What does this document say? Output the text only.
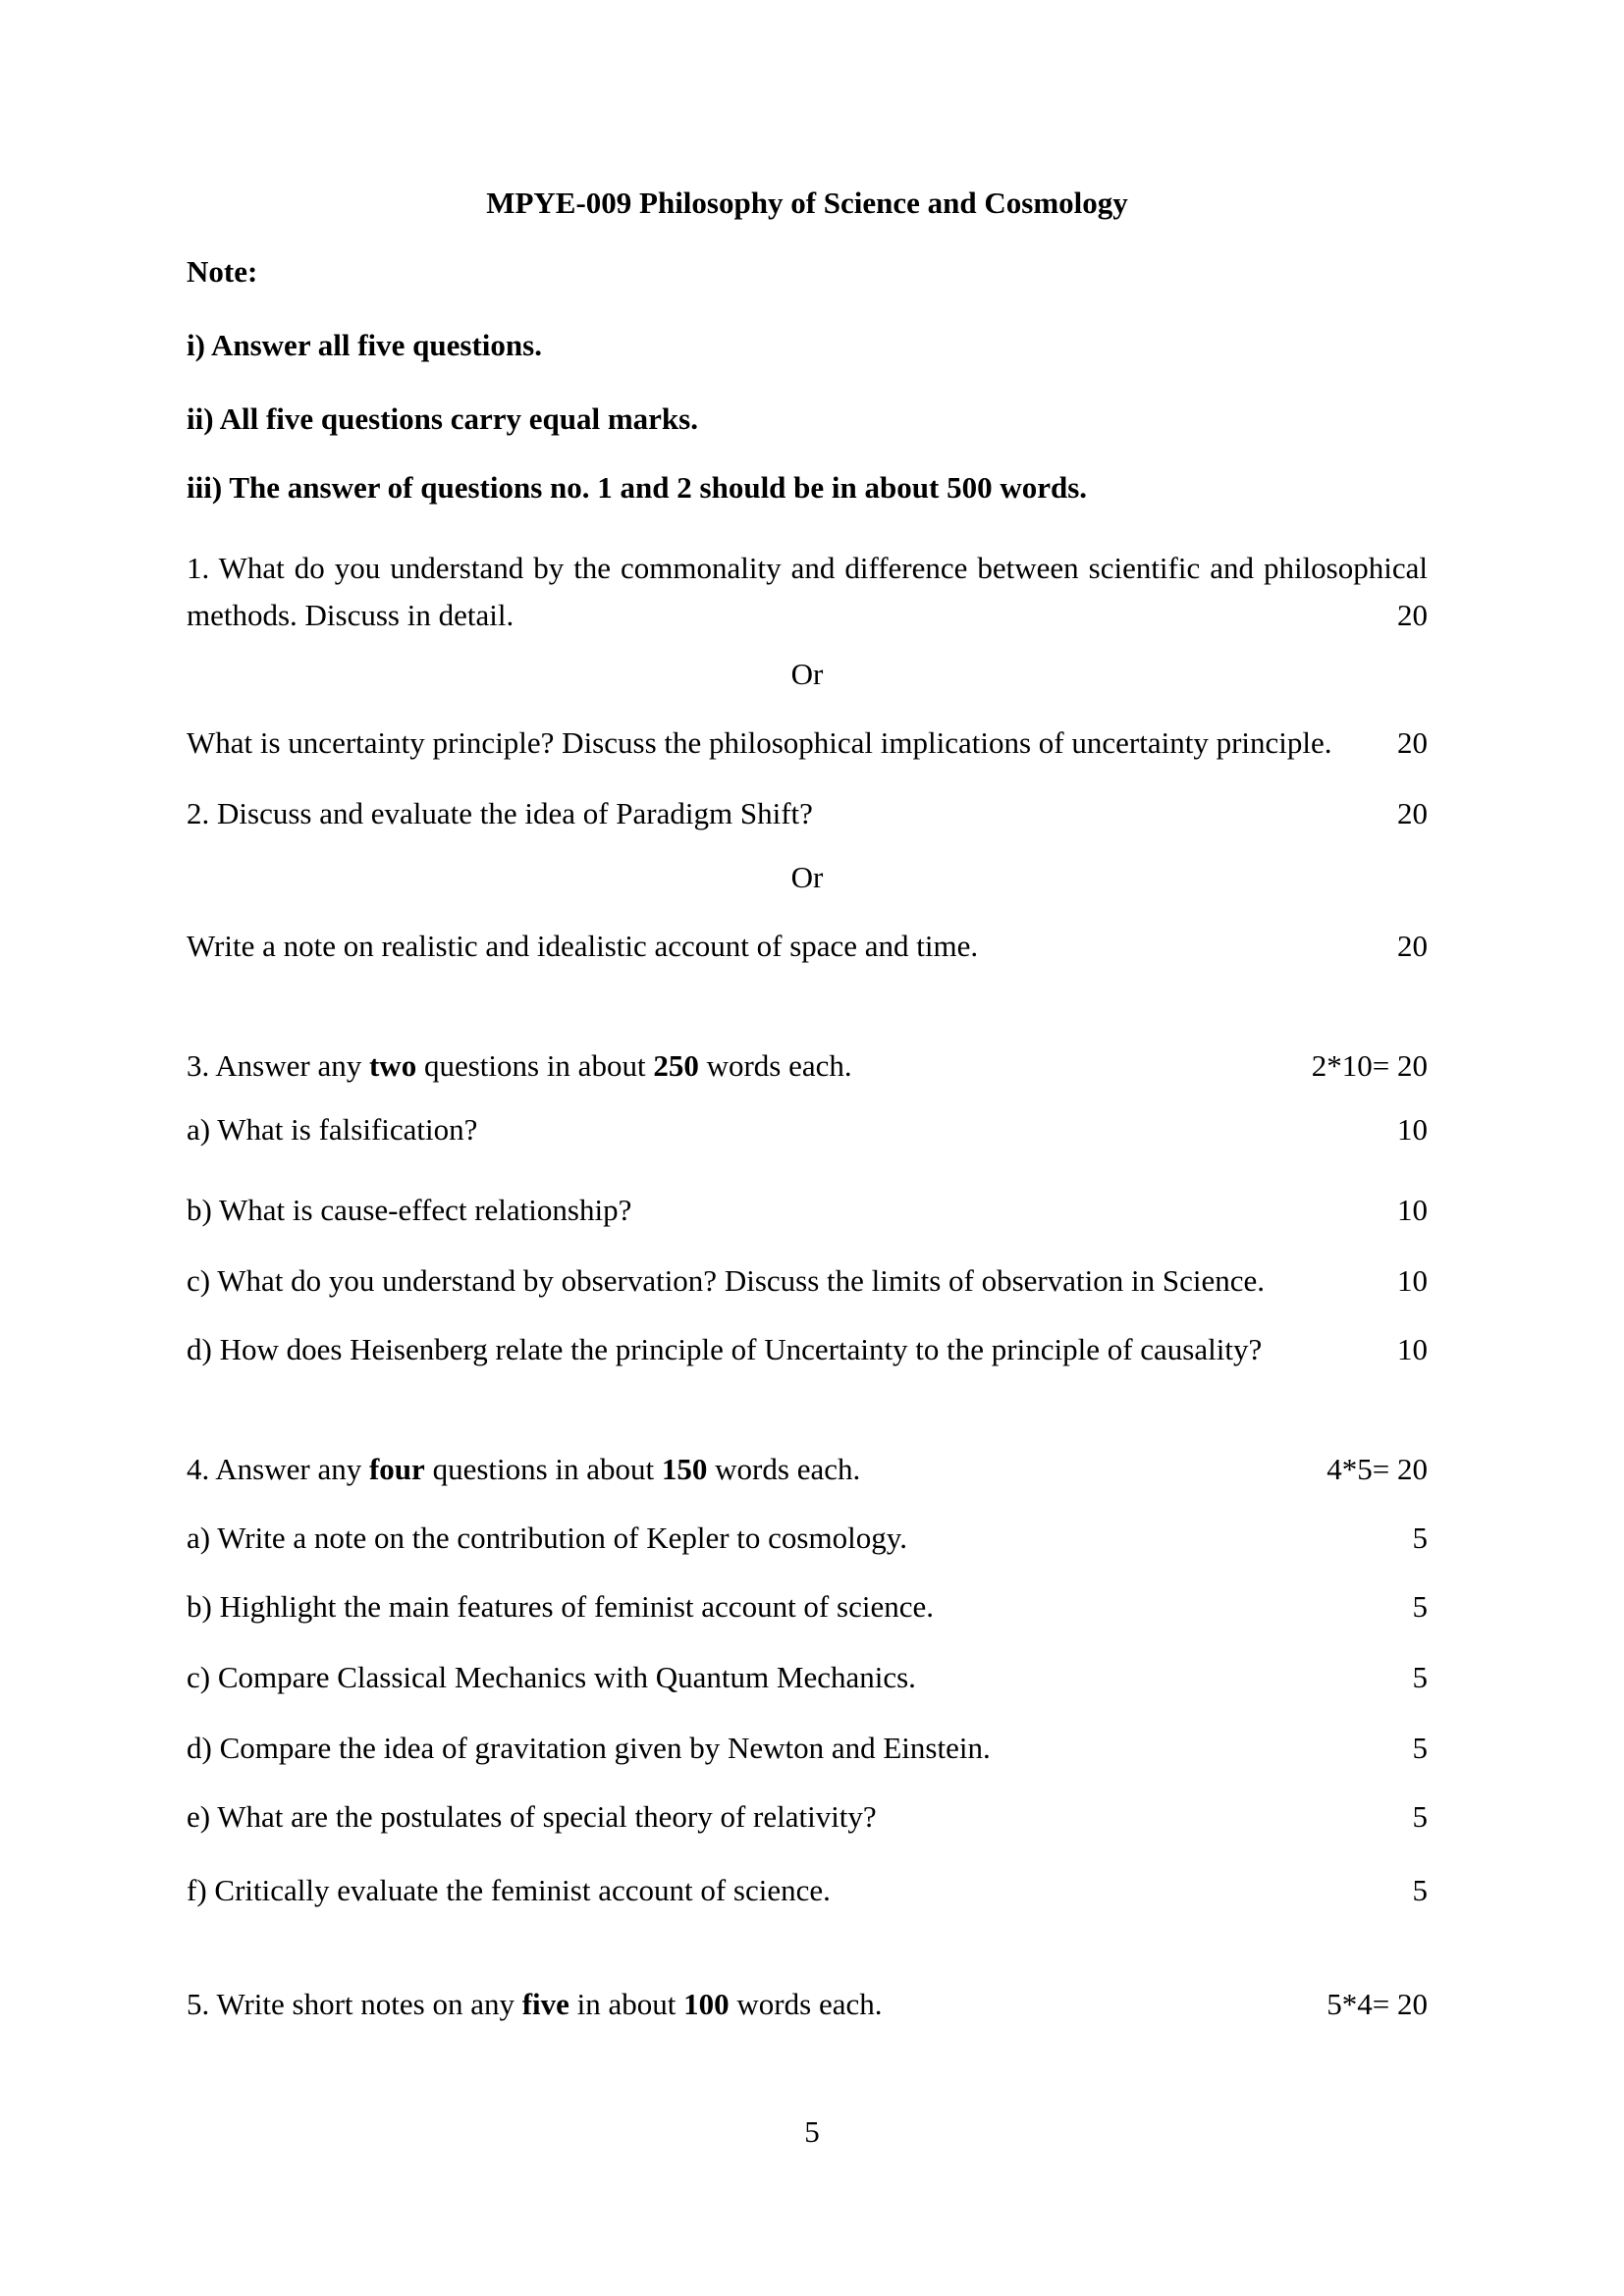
MPYE-009 Philosophy of Science and Cosmology
Note:
i) Answer all five questions.
ii) All five questions carry equal marks.
iii) The answer of questions no. 1 and 2 should be in about 500 words.
1. What do you understand by the commonality and difference between scientific and philosophical methods. Discuss in detail.	20
Or
What is uncertainty principle? Discuss the philosophical implications of uncertainty principle. 20
2. Discuss and evaluate the idea of Paradigm Shift?	20
Or
Write a note on realistic and idealistic account of space and time.	20
3. Answer any two questions in about 250 words each.	2*10= 20
a) What is falsification?	10
b) What is cause-effect relationship?	10
c) What do you understand by observation? Discuss the limits of observation in Science.	10
d) How does Heisenberg relate the principle of Uncertainty to the principle of causality?	10
4. Answer any four questions in about 150 words each.	4*5= 20
a) Write a note on the contribution of Kepler to cosmology.	5
b) Highlight the main features of feminist account of science.	5
c) Compare Classical Mechanics with Quantum Mechanics.	5
d) Compare the idea of gravitation given by Newton and Einstein.	5
e) What are the postulates of special theory of relativity?	5
f) Critically evaluate the feminist account of science.	5
5. Write short notes on any five in about 100 words each.	5*4= 20
5
